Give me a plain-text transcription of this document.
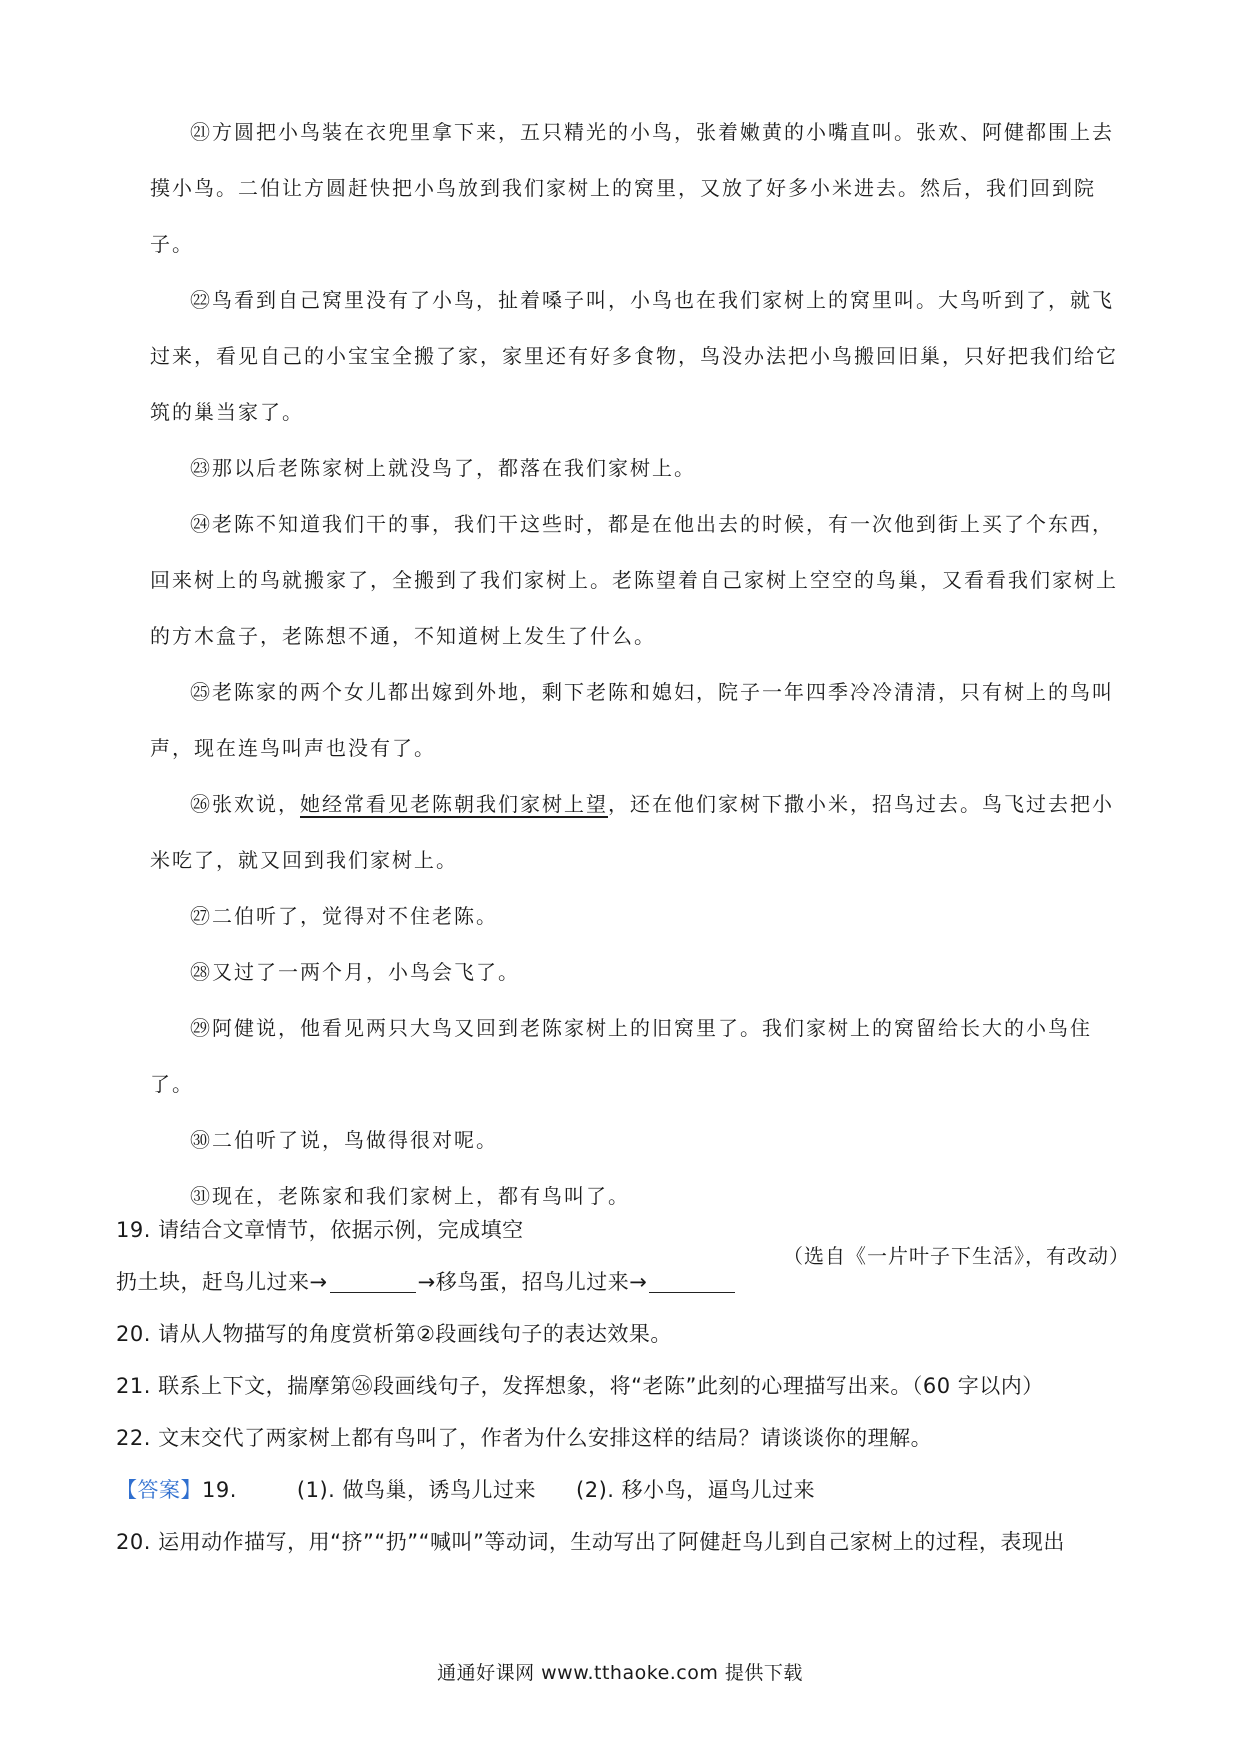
㉑方圆把小鸟装在衣兜里拿下来，五只精光的小鸟，张着嫩黄的小嘴直叫。张欢、阿健都围上去摸小鸟。二伯让方圆赶快把小鸟放到我们家树上的窝里，又放了好多小米进去。然后，我们回到院子。

㉒鸟看到自己窝里没有了小鸟，扯着嗓子叫，小鸟也在我们家树上的窝里叫。大鸟听到了，就飞过来，看见自己的小宝宝全搬了家，家里还有好多食物，鸟没办法把小鸟搬回旧巢，只好把我们给它筑的巢当家了。

㉓那以后老陈家树上就没鸟了，都落在我们家树上。

㉔老陈不知道我们干的事，我们干这些时，都是在他出去的时候，有一次他到街上买了个东西，回来树上的鸟就搬家了，全搬到了我们家树上。老陈望着自己家树上空空的鸟巢，又看看我们家树上的方木盒子，老陈想不通，不知道树上发生了什么。

㉕老陈家的两个女儿都出嫁到外地，剩下老陈和媳妇，院子一年四季冷冷清清，只有树上的鸟叫声，现在连鸟叫声也没有了。

㉖张欢说，她经常看见老陈朝我们家树上望，还在他们家树下撒小米，招鸟过去。鸟飞过去把小米吃了，就又回到我们家树上。

㉗二伯听了，觉得对不住老陈。

㉘又过了一两个月，小鸟会飞了。

㉙阿健说，他看见两只大鸟又回到老陈家树上的旧窝里了。我们家树上的窝留给长大的小鸟住了。

㉚二伯听了说，鸟做得很对呢。

㉛现在，老陈家和我们家树上，都有鸟叫了。

（选自《一片叶子下生活》，有改动）

19. 请结合文章情节，依据示例，完成填空

扔土块，赶鸟儿过来→	→移鸟蛋，招鸟儿过来→

20. 请从人物描写的角度赏析第②段画线句子的表达效果。

21. 联系上下文，揣摩第㉖段画线句子，发挥想象，将“老陈”此刻的心理描写出来。（60 字以内）

22. 文末交代了两家树上都有鸟叫了，作者为什么安排这样的结局？请谈谈你的理解。

【答案】19.	(1). 做鸟巢，诱鸟儿过来 (2). 移小鸟，逼鸟儿过来

20. 运用动作描写，用“挤”“扔”“喊叫”等动词，生动写出了阿健赶鸟儿到自己家树上的过程，表现出

通通好课网 www.tthaoke.com 提供下载
